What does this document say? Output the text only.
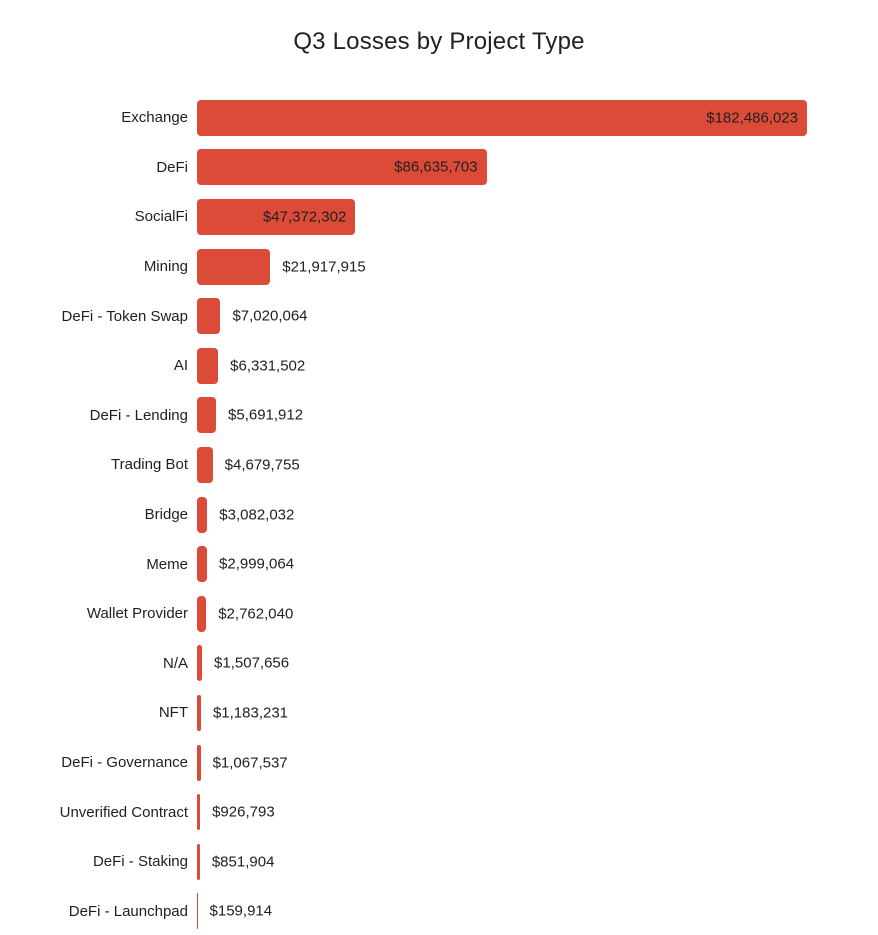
Q3 Losses by Project Type
Exchange	$182,486,023
DeFi	$86,635,703
SocialFi	$47,372,302
Mining	$21,917,915
DeFi - Token Swap	$7,020,064
AI	$6,331,502
DeFi - Lending	$5,691,912
Trading Bot	$4,679,755
Bridge	$3,082,032
Meme	$2,999,064
Wallet Provider	$2,762,040
N/A	$1,507,656
NFT	$1,183,231
DeFi - Governance	$1,067,537
Unverified Contract	$926,793
DeFi - Staking	$851,904
DeFi - Launchpad	$159,914
